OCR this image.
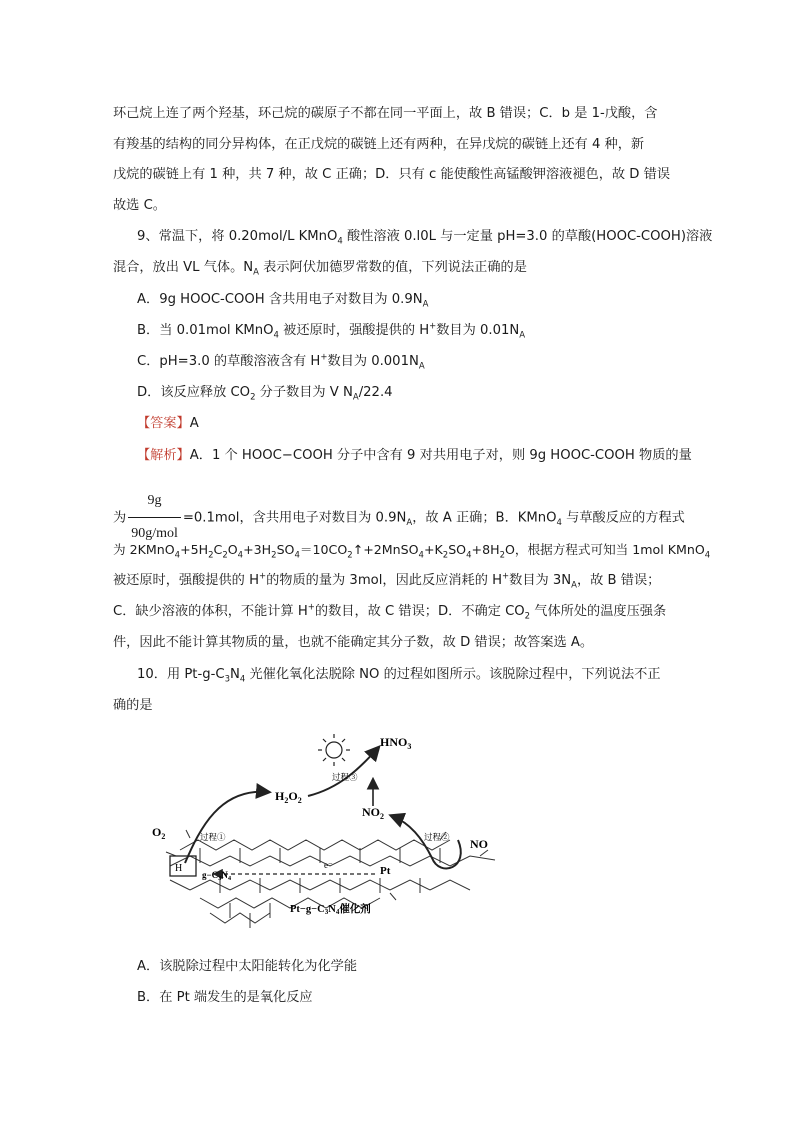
环己烷上连了两个羟基，环己烷的碳原子不都在同一平面上，故 B 错误；C．b 是 1-戊酸，含
有羧基的结构的同分异构体，在正戊烷的碳链上还有两种，在异戊烷的碳链上还有 4 种，新
戊烷的碳链上有 1 种，共 7 种，故 C 正确；D．只有 c 能使酸性高锰酸钾溶液褪色，故 D 错误
故选 C。
9、常温下，将 0.20mol/L KMnO$_4$ 酸性溶液 0.l0L 与一定量 pH=3.0 的草酸(HOOC-COOH)溶液
混合，放出 VL 气体。$N_A$ 表示阿伏加德罗常数的值，下列说法正确的是
A．9g HOOC-COOH 含共用电子对数目为 $0.9N_A$
B．当 0.01mol KMnO$_4$ 被还原时，强酸提供的 H+数目为 $0.01N_A$
C．pH=3.0 的草酸溶液含有 H+数目为 $0.001N_A$
D．该反应释放 $CO_2$ 分子数目为 V $N_A/22.4$
【答案】A
【解析】A．1 个 HOOC−COOH 分子中含有 9 对共用电子对，则 9g HOOC-COOH 物质的量
为 $\frac{9g}{\text{90g/mol}} =0.1mol$，含共用电子对数目为 $0.9N_A$，故 A 正确；B．KMnO$_4$ 与草酸反应的方程式
为 $2KMnO_4+5H_2C_2O_4+3H_2SO_4=10CO_2↑+2MnSO_4+K_2SO_4+8H_2O$，根据方程式可知当 1mol KMnO$_4$
被还原时，强酸提供的 H+的物质的量为 3mol，因此反应消耗的 H+数目为 $3N_A$，故 B 错误；
C．缺少溶液的体积，不能计算 H+的数目，故 C 错误；D．不确定 $CO_2$ 气体所处的温度压强条
件，因此不能计算其物质的量，也就不能确定其分子数，故 D 错误；故答案选 A。
10．用 $Pt-g-C_3N_4$ 光催化氧化法脱除 NO 的过程如图所示。该脱除过程中，下列说法不正
确的是
$HNO_3$
过程③
$H_2O_2$
$NO_2$
过程①	过程②
$O_2$
NO
H	e⁻	Pt
$g-C_3N_4$
Pt−g−C3N4催化剂
A．该脱除过程中太阳能转化为化学能
B．在 Pt 端发生的是氧化反应
